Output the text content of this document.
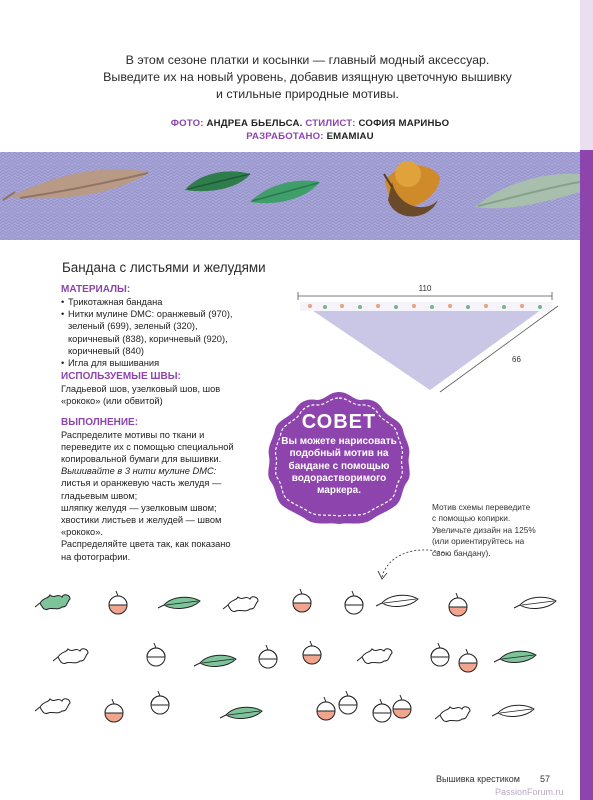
В этом сезоне платки и косынки — главный модный аксессуар.
Выведите их на новый уровень, добавив изящную цветочную вышивку
и стильные природные мотивы.
ФОТО: АНДРЕА БЬЕЛЬСА. СТИЛИСТ: СОФИЯ МАРИНЬО
РАЗРАБОТАНО: EMAMIAU
Бандана с листьями и желудями
МАТЕРИАЛЫ:
• Трикотажная бандана
• Нитки мулине DMC: оранжевый (970),
зеленый (699), зеленый (320),
коричневый (838), коричневый (920),
коричневый (840)
• Игла для вышивания
ИСПОЛЬЗУЕМЫЕ ШВЫ:
Гладьевой шов, узелковый шов, шов
«рококо» (или обвитой)
ВЫПОЛНЕНИЕ:
Распределите мотивы по ткани и
переведите их с помощью специальной
копировальной бумаги для вышивки.
Вышивайте в 3 нити мулине DMC:
листья и оранжевую часть желудя —
гладьевым швом;
шляпку желудя — узелковым швом;
хвостики листьев и желудей — швом
«рококо».
Распределяйте цвета так, как показано
на фотографии.
110
66
СОВЕТ
Вы можете нарисовать
подобный мотив на
бандане с помощью
водорастворимого
маркера.
Мотив схемы переведите
с помощью копирки.
Увеличьте дизайн на 125%
(или ориентируйтесь на
свою бандану).
Вышивка крестиком 57
PassionForum.ru
